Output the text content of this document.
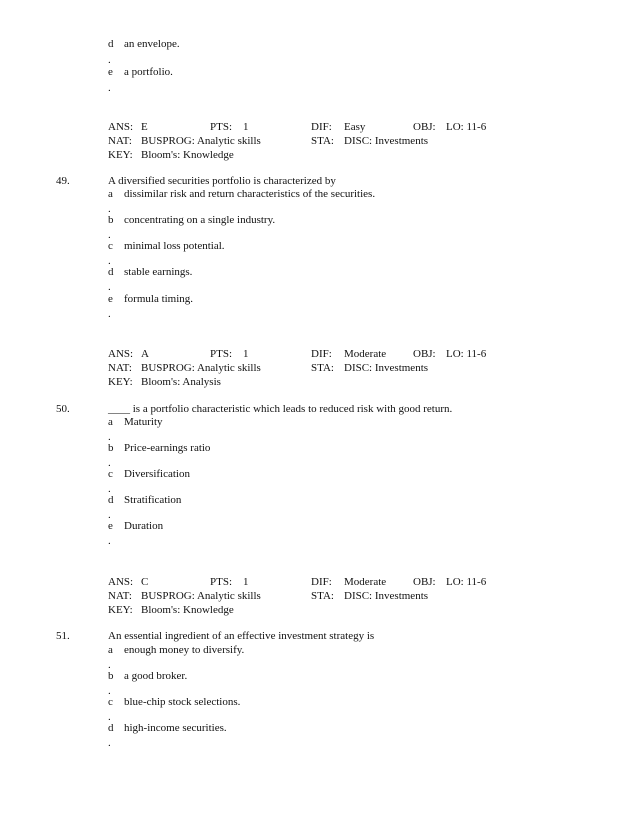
d an envelope.
.
e a portfolio.
.
ANS: E	PTS: 1	DIF: Easy	OBJ: LO: 11-6
NAT: BUSPROG: Analytic skills	STA: DISC: Investments
KEY: Bloom's: Knowledge
49.	A diversified securities portfolio is characterized by
a dissimilar risk and return characteristics of the securities.
.
b concentrating on a single industry.
.
c minimal loss potential.
.
d stable earnings.
.
e formula timing.
.
ANS: A	PTS: 1	DIF: Moderate OBJ: LO: 11-6
NAT: BUSPROG: Analytic skills	STA: DISC: Investments
KEY: Bloom's: Analysis
50.	____ is a portfolio characteristic which leads to reduced risk with good return.
a Maturity
.
b Price-earnings ratio
.
c Diversification
.
d Stratification
.
e Duration
.
ANS: C	PTS: 1	DIF: Moderate OBJ: LO: 11-6
NAT: BUSPROG: Analytic skills	STA: DISC: Investments
KEY: Bloom's: Knowledge
51.	An essential ingredient of an effective investment strategy is
a enough money to diversify.
.
b a good broker.
.
c blue-chip stock selections.
.
d high-income securities.
.
